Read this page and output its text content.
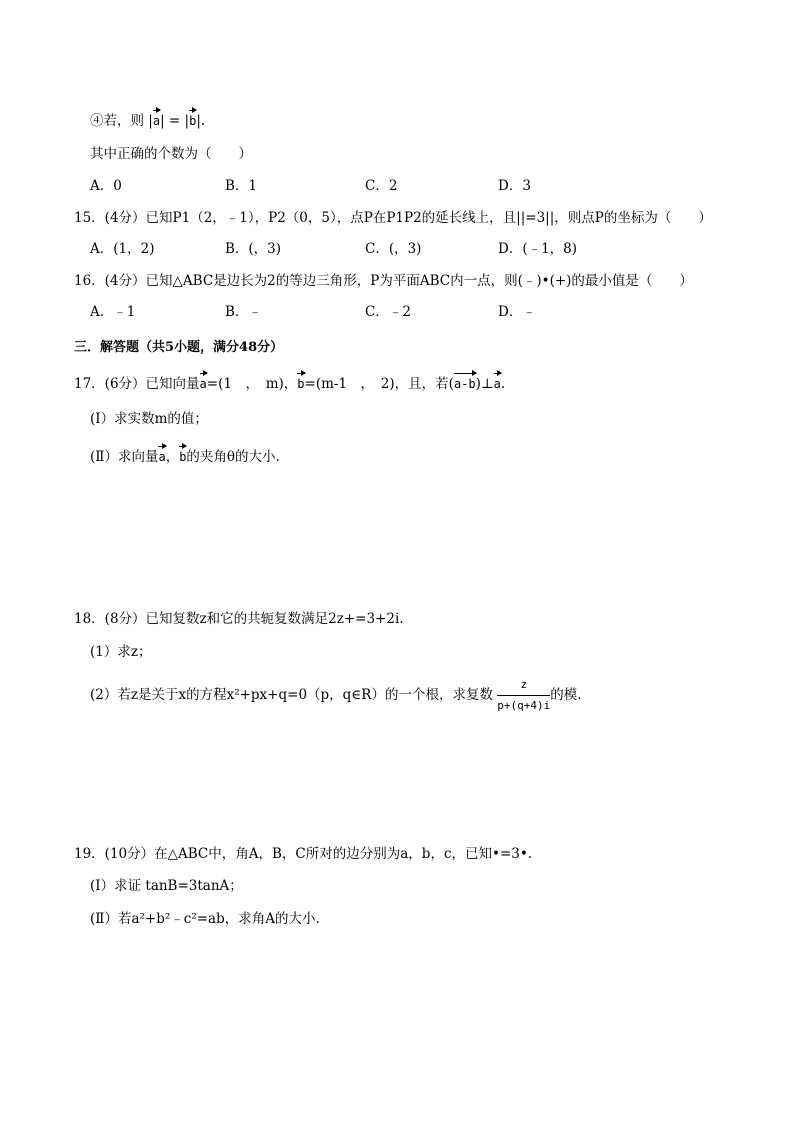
④若，则 |a| = |b|.
其中正确的个数为（　　）
A．0	B．1	C．2	D．3
15．(4分）已知P1（2，﹣1），P2（0，5），点P在P1P2的延长线上，且||=3||，则点P的坐标为（　　）
A．(1，2)	B．(，3)	C．(，3)	D．(﹣1，8)
16．(4分）已知△ABC是边长为2的等边三角形，P为平面ABC内一点，则(﹣)•(+)的最小值是（　　）
A．﹣1	B．﹣	C．﹣2	D．﹣
三．解答题（共5小题，满分48分）
17．(6分）已知向量a=(1　，　m)，b=(m-1　，　2)，且，若(a-b)⊥a.
(Ⅰ）求实数m的值；
(Ⅱ）求向量a，b的夹角θ的大小.
18．(8分）已知复数z和它的共轭复数满足2z+=3+2i.
(1）求z；
(2）若z是关于x的方程x²+px+q=0（p，q∈R）的一个根，求复数 $\frac{z}{p+(q+4)i}$ 的模.
19．(10分）在△ABC中，角A，B，C所对的边分别为a，b，c，已知•=3•.
(Ⅰ）求证 tanB=3tanA；
(Ⅱ）若a²+b²﹣c²=ab，求角A的大小.
